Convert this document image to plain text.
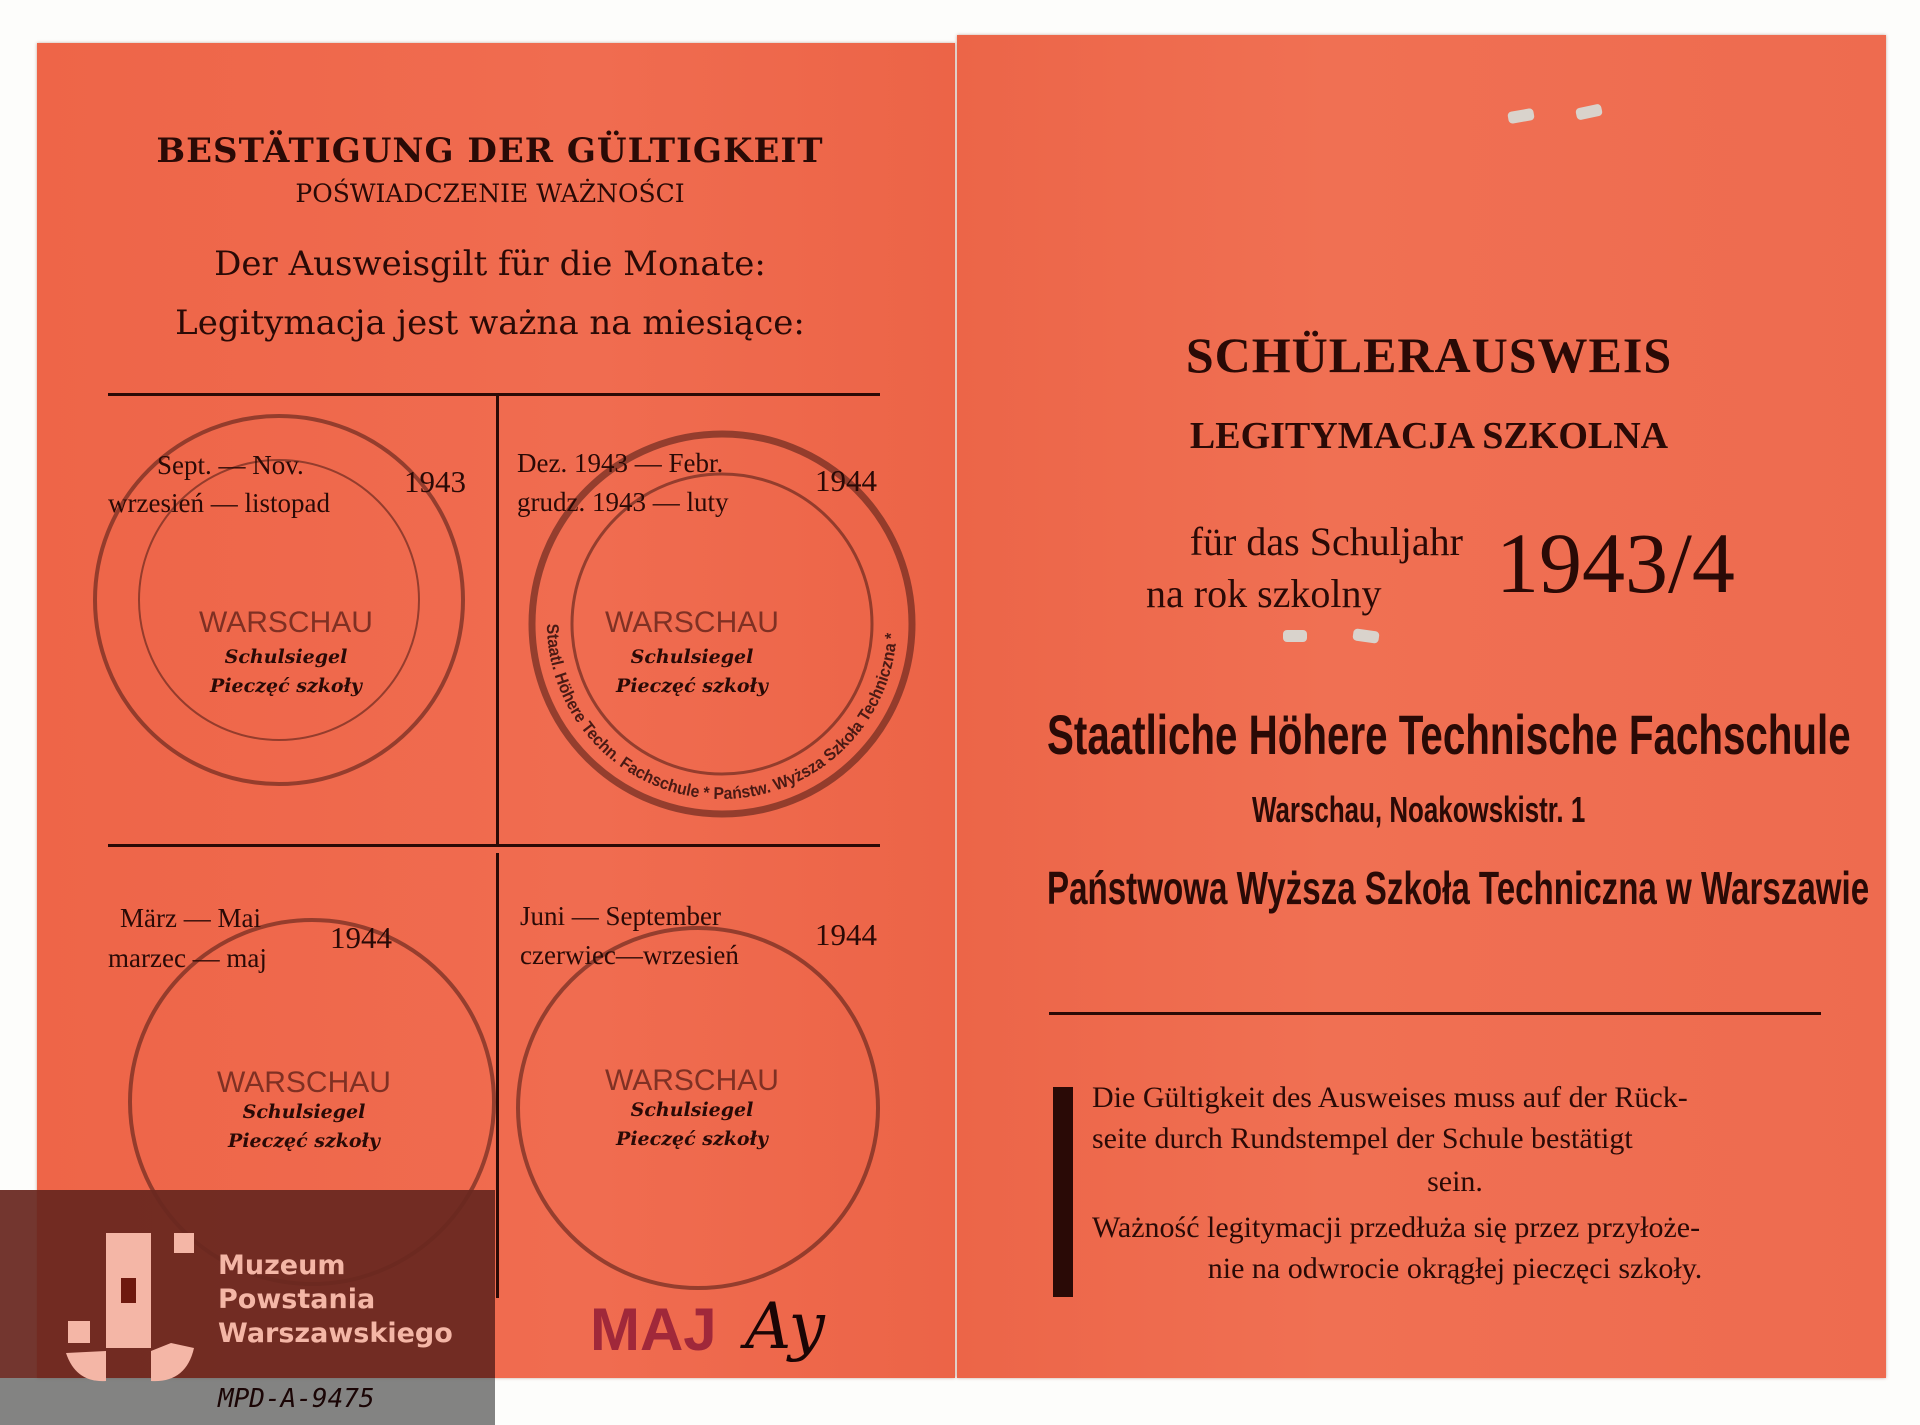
Staatl. Höhere Techn. Fachschule * Państw. Wyższa Szkoła Techniczna *
WARSCHAU	WARSCHAU
WARSCHAU	WARSCHAU
BESTÄTIGUNG DER GÜLTIGKEIT
POŚWIADCZENIE WAŻNOŚCI
Der Ausweisgilt für die Monate:
Legitymacja jest ważna na miesiące:
Sept. — Nov.
wrzesień — listopad
1943
Schulsiegel
Pieczęć szkoły
Dez. 1943 — Febr.
grudz. 1943 — luty
1944
Schulsiegel
Pieczęć szkoły
März — Mai
marzec — maj
1944
Schulsiegel
Pieczęć szkoły
Juni — September
czerwiec—wrzesień
1944
Schulsiegel
Pieczęć szkoły
MAJ Ay
SCHÜLERAUSWEIS
LEGITYMACJA SZKOLNA
für das Schuljahr
na rok szkolny 1943/4
Staatliche Höhere Technische Fachschule
Warschau, Noakowskistr. 1
Państwowa Wyższa Szkoła Techniczna w Warszawie
Die Gültigkeit des Ausweises muss auf der Rück-
seite durch Rundstempel der Schule bestätigt
sein.
Ważność legitymacji przedłuża się przez przyłoże-
nie na odwrocie okrągłej pieczęci szkoły.
Muzeum
Powstania
Warszawskiego
MPD-A-9475
